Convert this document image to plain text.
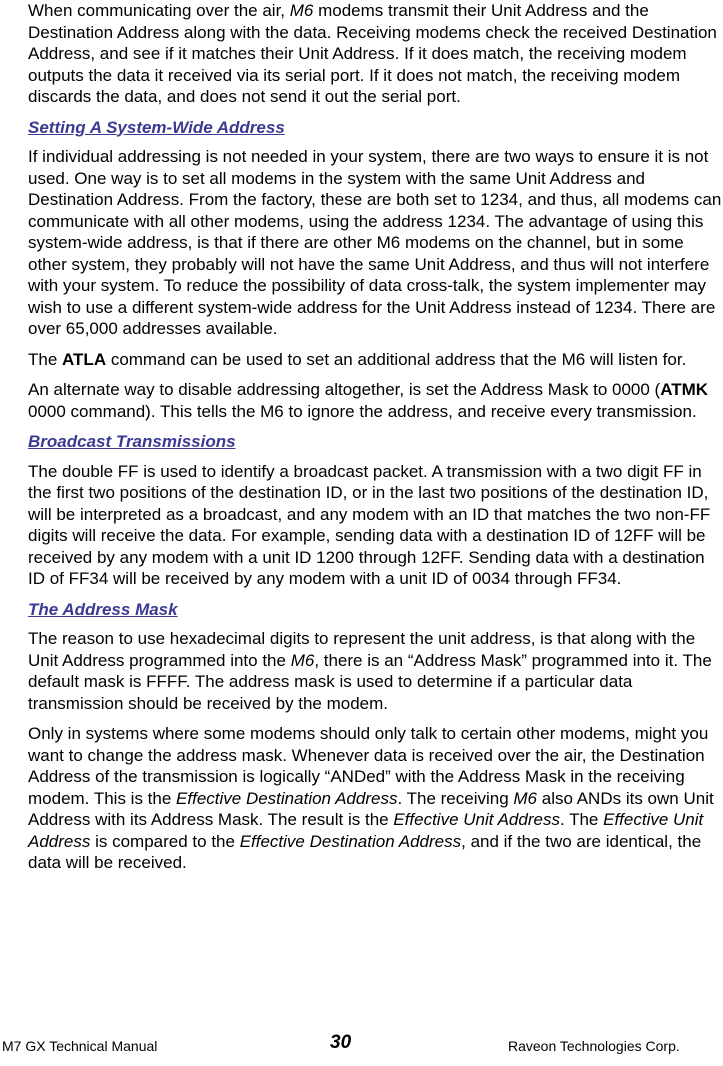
When communicating over the air, M6 modems transmit their Unit Address and the Destination Address along with the data. Receiving modems check the received Destination Address, and see if it matches their Unit Address. If it does match, the receiving modem outputs the data it received via its serial port. If it does not match, the receiving modem discards the data, and does not send it out the serial port.

Setting A System-Wide Address

If individual addressing is not needed in your system, there are two ways to ensure it is not used. One way is to set all modems in the system with the same Unit Address and Destination Address. From the factory, these are both set to 1234, and thus, all modems can communicate with all other modems, using the address 1234. The advantage of using this system-wide address, is that if there are other M6 modems on the channel, but in some other system, they probably will not have the same Unit Address, and thus will not interfere with your system. To reduce the possibility of data cross-talk, the system implementer may wish to use a different system-wide address for the Unit Address instead of 1234. There are over 65,000 addresses available.

The ATLA command can be used to set an additional address that the M6 will listen for.

An alternate way to disable addressing altogether, is set the Address Mask to 0000 (ATMK 0000 command). This tells the M6 to ignore the address, and receive every transmission.

Broadcast Transmissions

The double FF is used to identify a broadcast packet. A transmission with a two digit FF in the first two positions of the destination ID, or in the last two positions of the destination ID, will be interpreted as a broadcast, and any modem with an ID that matches the two non-FF digits will receive the data. For example, sending data with a destination ID of 12FF will be received by any modem with a unit ID 1200 through 12FF. Sending data with a destination ID of FF34 will be received by any modem with a unit ID of 0034 through FF34.

The Address Mask

The reason to use hexadecimal digits to represent the unit address, is that along with the Unit Address programmed into the M6, there is an “Address Mask” programmed into it. The default mask is FFFF. The address mask is used to determine if a particular data transmission should be received by the modem.

Only in systems where some modems should only talk to certain other modems, might you want to change the address mask. Whenever data is received over the air, the Destination Address of the transmission is logically “ANDed” with the Address Mask in the receiving modem. This is the Effective Destination Address. The receiving M6 also ANDs its own Unit Address with its Address Mask. The result is the Effective Unit Address. The Effective Unit Address is compared to the Effective Destination Address, and if the two are identical, the data will be received.

M7 GX Technical Manual	30	Raveon Technologies Corp.
